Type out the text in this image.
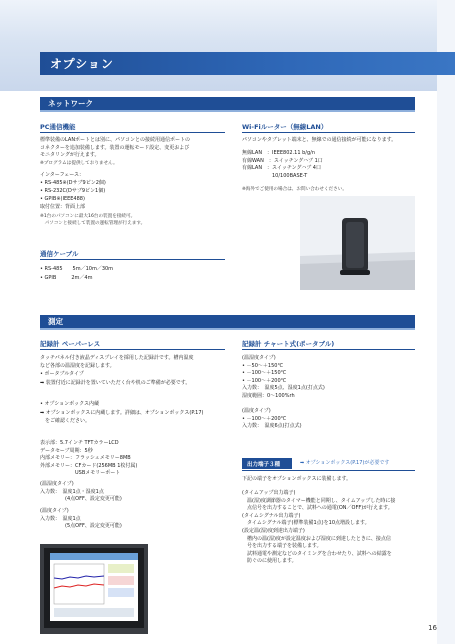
オプション
ネットワーク
PC通信機能
標準装備のLANポートとは別に、パソコンとの接続用通信ポートの
コネクターを追加装備します。装置の運転モード設定、変更および
モニタリングが行えます。
※プログラムは提供しておりません。
インターフェース：
• RS-485※(Dサブ9ピン2個)
• RS-232C(Dサブ9ピン1個)
• GPIB※(IEEE488)
取付位置：背面上部
※1台のパソコンに最大16台の装置を接続可。
　パソコンと接続して装置の運転管理が行えます。
通信ケーブル
• RS-485　　5m／10m／30m
• GPIB　　　2m／4m
Wi-Fiルーター（無線LAN）
パソコンやタブレット端末と、無線での通信接続が可能になります。
無線LAN　：IEEE802.11 b/g/n
有線WAN　：スイッチングハブ 1口
有線LAN　：スイッチングハブ 4口
　　　　　　10/100BASE-T
※海外でご使用の場合は、お問い合わせください。
測定
記録計 ペーパーレス
タッチパネル付き液晶ディスプレイを採用した記録計です。槽内温度
など各部の温湿度を記録します。
• ポータブルタイプ
➡ 装置付近に記録計を置いていただく台や机のご準備が必要です。
• オプションボックス内蔵
➡ オプションボックスに内蔵します。詳細は、オプションボックス(P.17)
　をご確認ください。
表示部：5.7インチ TFTカラーLCD
データセーブ周期：5秒
内部メモリー：フラッシュメモリー8MB
外部メモリー：CFカード(256MB 1枚付属)
　　　　　　　USBメモリーポート
(温湿度タイプ)
入力数：　温度1点・湿度1点
　　　　　(4点OFF、設定変更可能)
(温度タイプ)
入力数：　温度1点
　　　　　(5点OFF、設定変更可能)
記録計 チャート式(ポータブル)
(温湿度タイプ)
• －50～＋150℃
• －100～＋150℃
• －100～＋200℃
入力数：　温度5点、湿度1点(打点式)
湿度範囲：0～100%rh

(温度タイプ)
• －100～＋200℃
入力数：　温度6点(打点式)
出力端子３種	➡ オプションボックス(P.17)が必要です
下記の端子をオプションボックスに装備します。
(タイムアップ出力端子)
　温(湿)度調節器のタイマー機能と同期し、タイムアップした時に接
　点信号を出力することで、試料への通電(ON／OFF)が行えます。
(タイムシグナル出力端子)
　タイムシグナル端子(標準装備1点)を10点増設します。
(設定温(湿)度到達出力端子)
　槽内の温(湿)度が設定温度および湿度に到達したときに、接点信
　号を出力する端子を装備します。
　試料通電や測定などのタイミングを合わせたり、試料への結露を
　防ぐのに使用します。
16
